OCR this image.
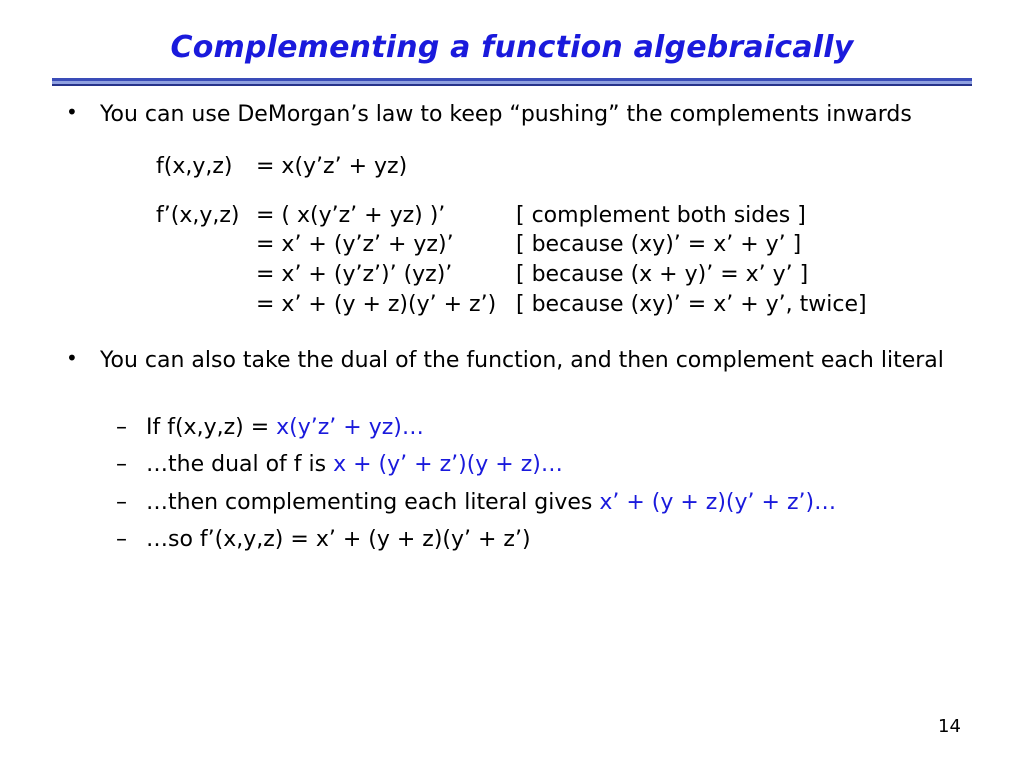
Complementing a function algebraically
• You can use DeMorgan’s law to keep “pushing” the complements inwards
f(x,y,z) = x(y’z’ + yz)
f’(x,y,z) = ( x(y’z’ + yz) )’	[ complement both sides ]
= x’ + (y’z’ + yz)’	[ because (xy)’ = x’ + y’ ]
= x’ + (y’z’)’ (yz)’	[ because (x + y)’ = x’ y’ ]
= x’ + (y + z)(y’ + z’) [ because (xy)’ = x’ + y’, twice]
• You can also take the dual of the function, and then complement each literal
– If f(x,y,z) = x(y’z’ + yz)…
– …the dual of f is x + (y’ + z’)(y + z)…
– …then complementing each literal gives x’ + (y + z)(y’ + z’)…
– …so f’(x,y,z) = x’ + (y + z)(y’ + z’)
14
